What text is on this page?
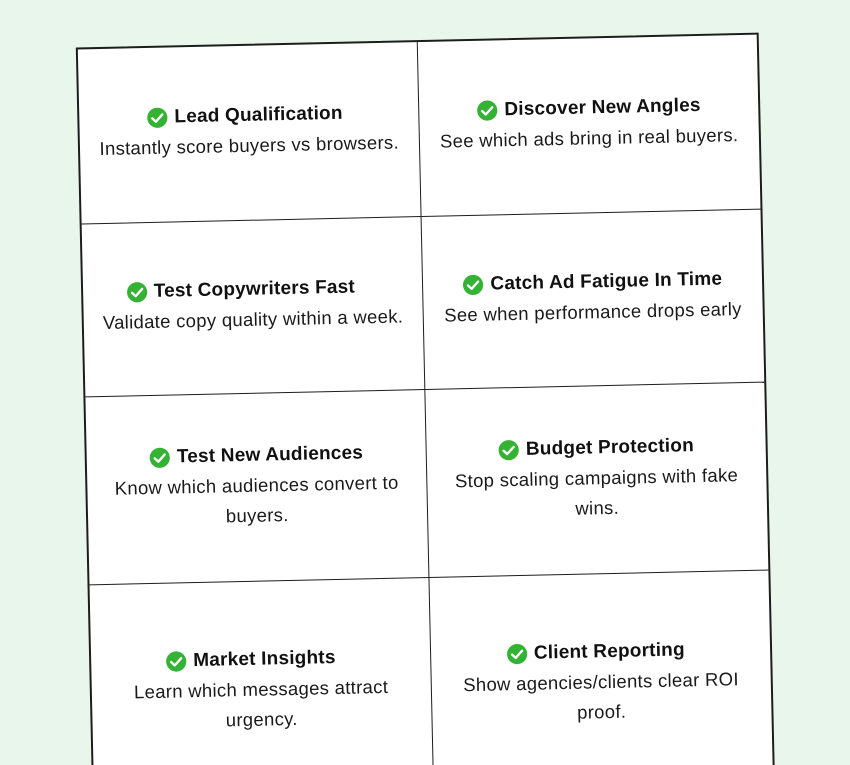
Lead Qualification
Instantly score buyers vs browsers.
Discover New Angles
See which ads bring in real buyers.
Test Copywriters Fast
Validate copy quality within a week.
Catch Ad Fatigue In Time
See when performance drops early
Test New Audiences
Know which audiences convert to buyers.
Budget Protection
Stop scaling campaigns with fake wins.
Market Insights
Learn which messages attract urgency.
Client Reporting
Show agencies/clients clear ROI proof.
